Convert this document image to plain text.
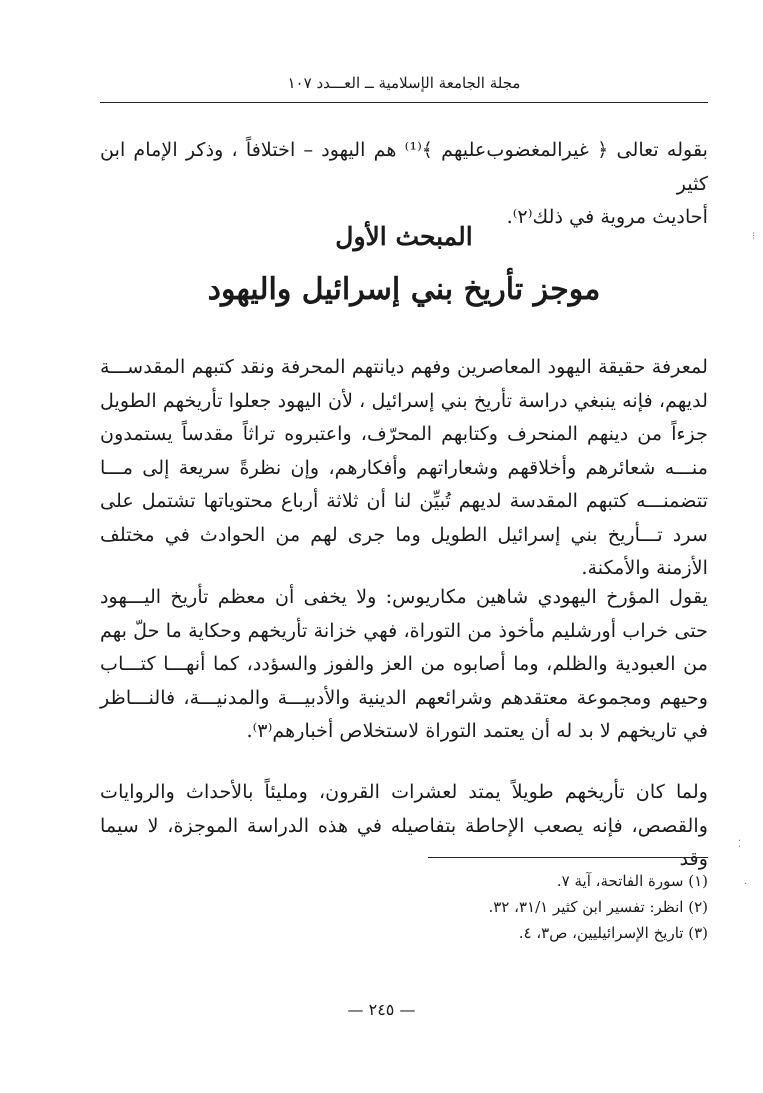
مجلة الجامعة الإسلامية ــ العـــدد ١٠٧

بقوله تعالى ﴿ غيرالمغضوب‌عليهم ﴾⁽¹⁾ هم اليهود – اختلافاً ، وذكر الإمام ابن كثير

أحاديث مروية في ذلك⁽٢⁾.

المبحث الأول
موجز تأريخ بني إسرائيل واليهود

لمعرفة حقيقة اليهود المعاصرين وفهم ديانتهم المحرفة ونقد كتبهم المقدســـة لديهم، فإنه ينبغي دراسة تأريخ بني إسرائيل ، لأن اليهود جعلوا تأريخهم الطويل جزءاً من دينهم المنحرف وكتابهم المحرّف، واعتبروه تراثاً مقدساً يستمدون منـــه شعائرهم وأخلاقهم وشعاراتهم وأفكارهم، وإن نظرةً سريعة إلى مـــا تتضمنـــه كتبهم المقدسة لديهم تُبيِّن لنا أن ثلاثة أرباع محتوياتها تشتمل على سرد تـــأريخ بني إسرائيل الطويل وما جرى لهم من الحوادث في مختلف الأزمنة والأمكنة.

يقول المؤرخ اليهودي شاهين مكاريوس: ولا يخفى أن معظم تأريخ اليـــهود حتى خراب أورشليم مأخوذ من التوراة، فهي خزانة تأريخهم وحكاية ما حلّ بهم من العبودية والظلم، وما أصابوه من العز والفوز والسؤدد، كما أنهـــا كتـــاب وحيهم ومجموعة معتقدهم وشرائعهم الدينية والأدبيـــة والمدنيـــة، فالنـــاظر في تاريخهم لا بد له أن يعتمد التوراة لاستخلاص أخبارهم⁽٣⁾.

ولما كان تأريخهم طويلاً يمتد لعشرات القرون، ومليئاً بالأحداث والروايات والقصص، فإنه يصعب الإحاطة بتفاصيله في هذه الدراسة الموجزة، لا سيما وقد

(١) سورة الفاتحة، آية ٧.
(٢) انظر: تفسير ابن كثير ٣١/١، ٣٢.
(٣) تاريخ الإسرائيليين، ص٣، ٤.
— ٢٤٥ —
⁝
⁚
·
